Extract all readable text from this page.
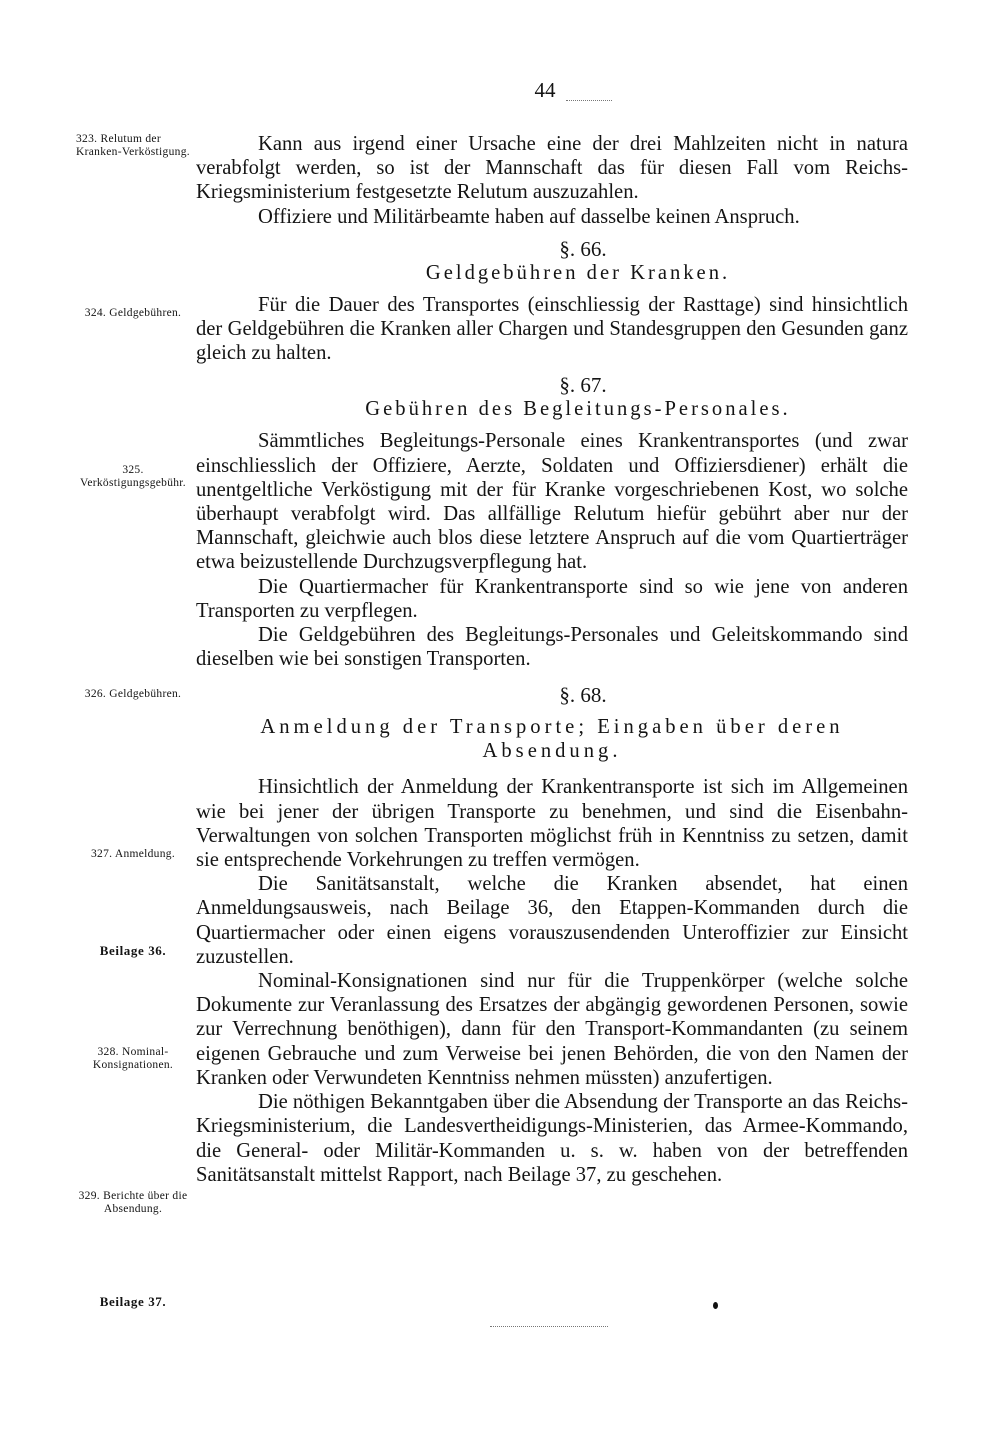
44
323. Relutum der Kranken-Verköstigung.
324. Geldgebühren.
325. Verköstigungsgebühr.
326. Geldgebühren.
327. Anmeldung.
Beilage 36.
328. Nominal-Konsignationen.
329. Berichte über die Absendung.
Beilage 37.

Kann aus irgend einer Ursache eine der drei Mahlzeiten nicht in natura verabfolgt werden, so ist der Mannschaft das für diesen Fall vom Reichs-Kriegsministerium festgesetzte Relutum auszuzahlen.

Offiziere und Militärbeamte haben auf dasselbe keinen Anspruch.

§. 66.
Geldgebühren der Kranken.

Für die Dauer des Transportes (einschliessig der Rasttage) sind hinsichtlich der Geldgebühren die Kranken aller Chargen und Standesgruppen den Gesunden ganz gleich zu halten.

§. 67.
Gebühren des Begleitungs-Personales.

Sämmtliches Begleitungs-Personale eines Krankentransportes (und zwar einschliesslich der Offiziere, Aerzte, Soldaten und Offiziersdiener) erhält die unentgeltliche Verköstigung mit der für Kranke vorgeschriebenen Kost, wo solche überhaupt verabfolgt wird. Das allfällige Relutum hiefür gebührt aber nur der Mannschaft, gleichwie auch blos diese letztere Anspruch auf die vom Quartierträger etwa beizustellende Durchzugsverpflegung hat.

Die Quartiermacher für Krankentransporte sind so wie jene von anderen Transporten zu verpflegen.

Die Geldgebühren des Begleitungs-Personales und Geleitskommando sind dieselben wie bei sonstigen Transporten.

§. 68.
Anmeldung der Transporte; Eingaben über deren Absendung.

Hinsichtlich der Anmeldung der Krankentransporte ist sich im Allgemeinen wie bei jener der übrigen Transporte zu benehmen, und sind die Eisenbahn-Verwaltungen von solchen Transporten möglichst früh in Kenntniss zu setzen, damit sie entsprechende Vorkehrungen zu treffen vermögen.

Die Sanitätsanstalt, welche die Kranken absendet, hat einen Anmeldungsausweis, nach Beilage 36, den Etappen-Kommanden durch die Quartiermacher oder einen eigens vorauszusendenden Unteroffizier zur Einsicht zuzustellen.

Nominal-Konsignationen sind nur für die Truppenkörper (welche solche Dokumente zur Veranlassung des Ersatzes der abgängig gewordenen Personen, sowie zur Verrechnung benöthigen), dann für den Transport-Kommandanten (zu seinem eigenen Gebrauche und zum Verweise bei jenen Behörden, die von den Namen der Kranken oder Verwundeten Kenntniss nehmen müssten) anzufertigen.

Die nöthigen Bekanntgaben über die Absendung der Transporte an das Reichs-Kriegsministerium, die Landesvertheidigungs-Ministerien, das Armee-Kommando, die General- oder Militär-Kommanden u. s. w. haben von der betreffenden Sanitätsanstalt mittelst Rapport, nach Beilage 37, zu geschehen.
